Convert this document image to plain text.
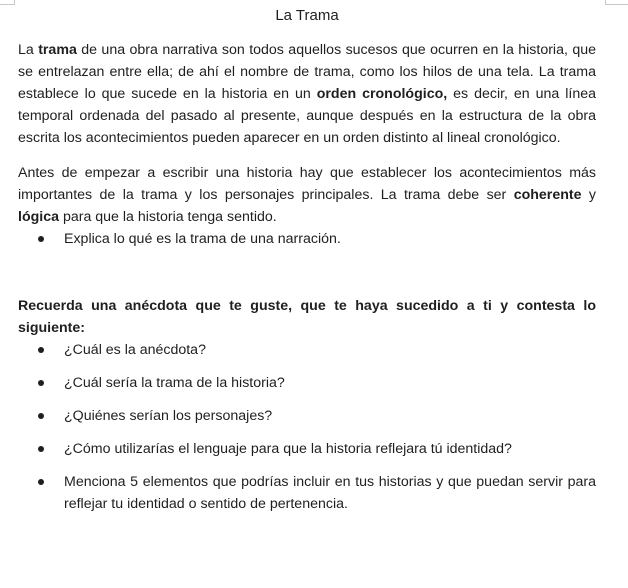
La Trama

La trama de una obra narrativa son todos aquellos sucesos que ocurren en la historia, que se entrelazan entre ella; de ahí el nombre de trama, como los hilos de una tela. La trama establece lo que sucede en la historia en un orden cronológico, es decir, en una línea temporal ordenada del pasado al presente, aunque después en la estructura de la obra escrita los acontecimientos pueden aparecer en un orden distinto al lineal cronológico.

Antes de empezar a escribir una historia hay que establecer los acontecimientos más importantes de la trama y los personajes principales. La trama debe ser coherente y lógica para que la historia tenga sentido.

Explica lo qué es la trama de una narración.
Recuerda una anécdota que te guste, que te haya sucedido a ti y contesta lo siguiente:
¿Cuál es la anécdota?
¿Cuál sería la trama de la historia?
¿Quiénes serían los personajes?
¿Cómo utilizarías el lenguaje para que la historia reflejara tú identidad?
Menciona 5 elementos que podrías incluir en tus historias y que puedan servir para reflejar tu identidad o sentido de pertenencia.
